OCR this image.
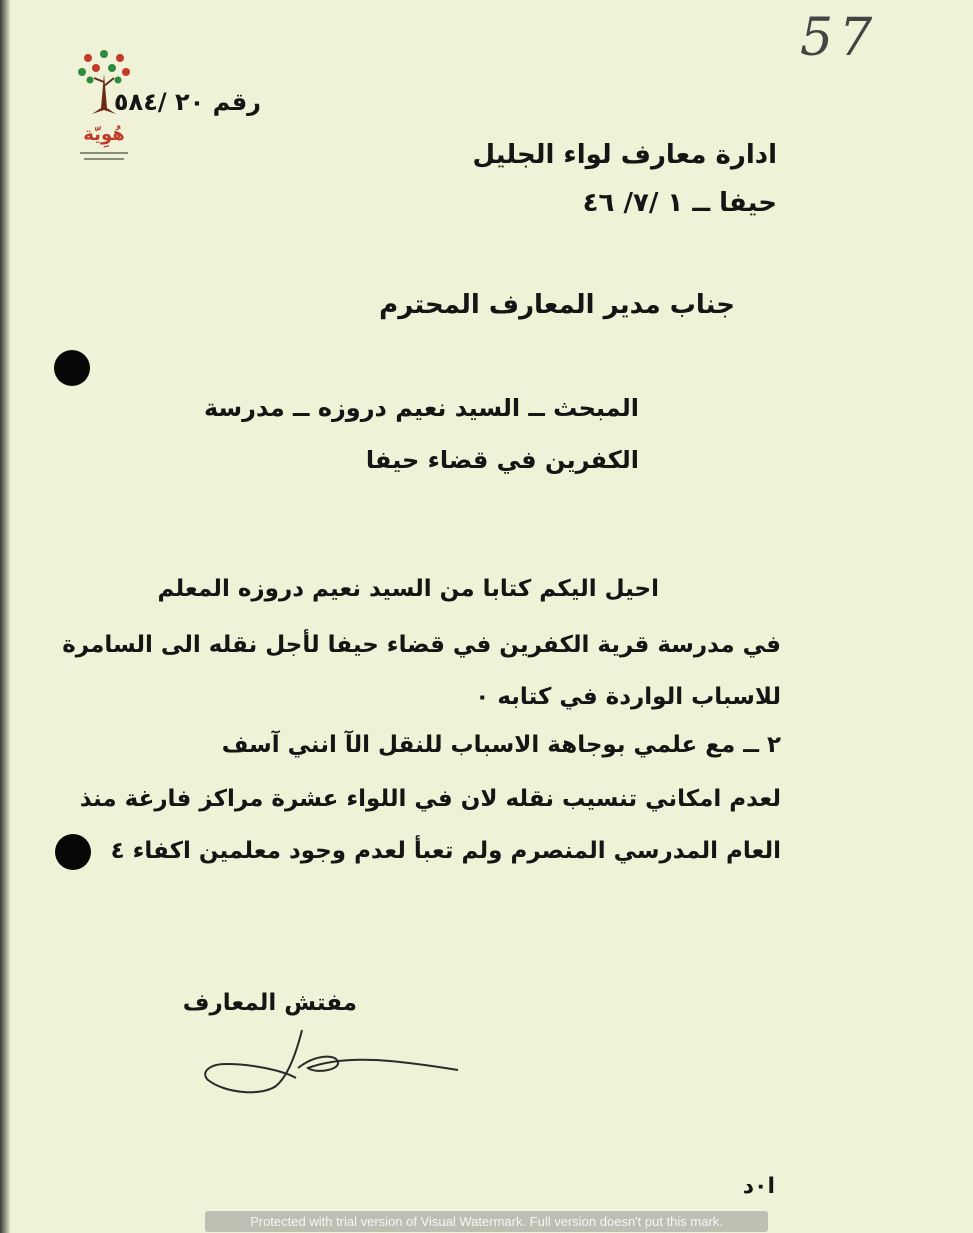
57
هُوِيّة
رقم ٢٠ /٥٨٤
ادارة معارف لواء الجليل
حيفا ــ ١ /٧/ ٤٦
جناب مدير المعارف المحترم
المبحث ــ السيد نعيم دروزه ــ مدرسة
الكفرين في قضاء حيفا
احيل اليكم كتابا من السيد نعيم دروزه المعلم
في مدرسة قرية الكفرين في قضاء حيفا لأجل نقله الى السامرة
للاسباب الواردة في كتابه ٠
٢ ــ مع علمي بوجاهة الاسباب للنقل الآ انني آسف
لعدم امكاني تنسيب نقله لان في اللواء عشرة مراكز فارغة منذ
العام المدرسي المنصرم ولم تعبأ لعدم وجود معلمين اكفاء ٤
مفتش المعارف
ا٠د
Protected with trial version of Visual Watermark. Full version doesn't put this mark.
